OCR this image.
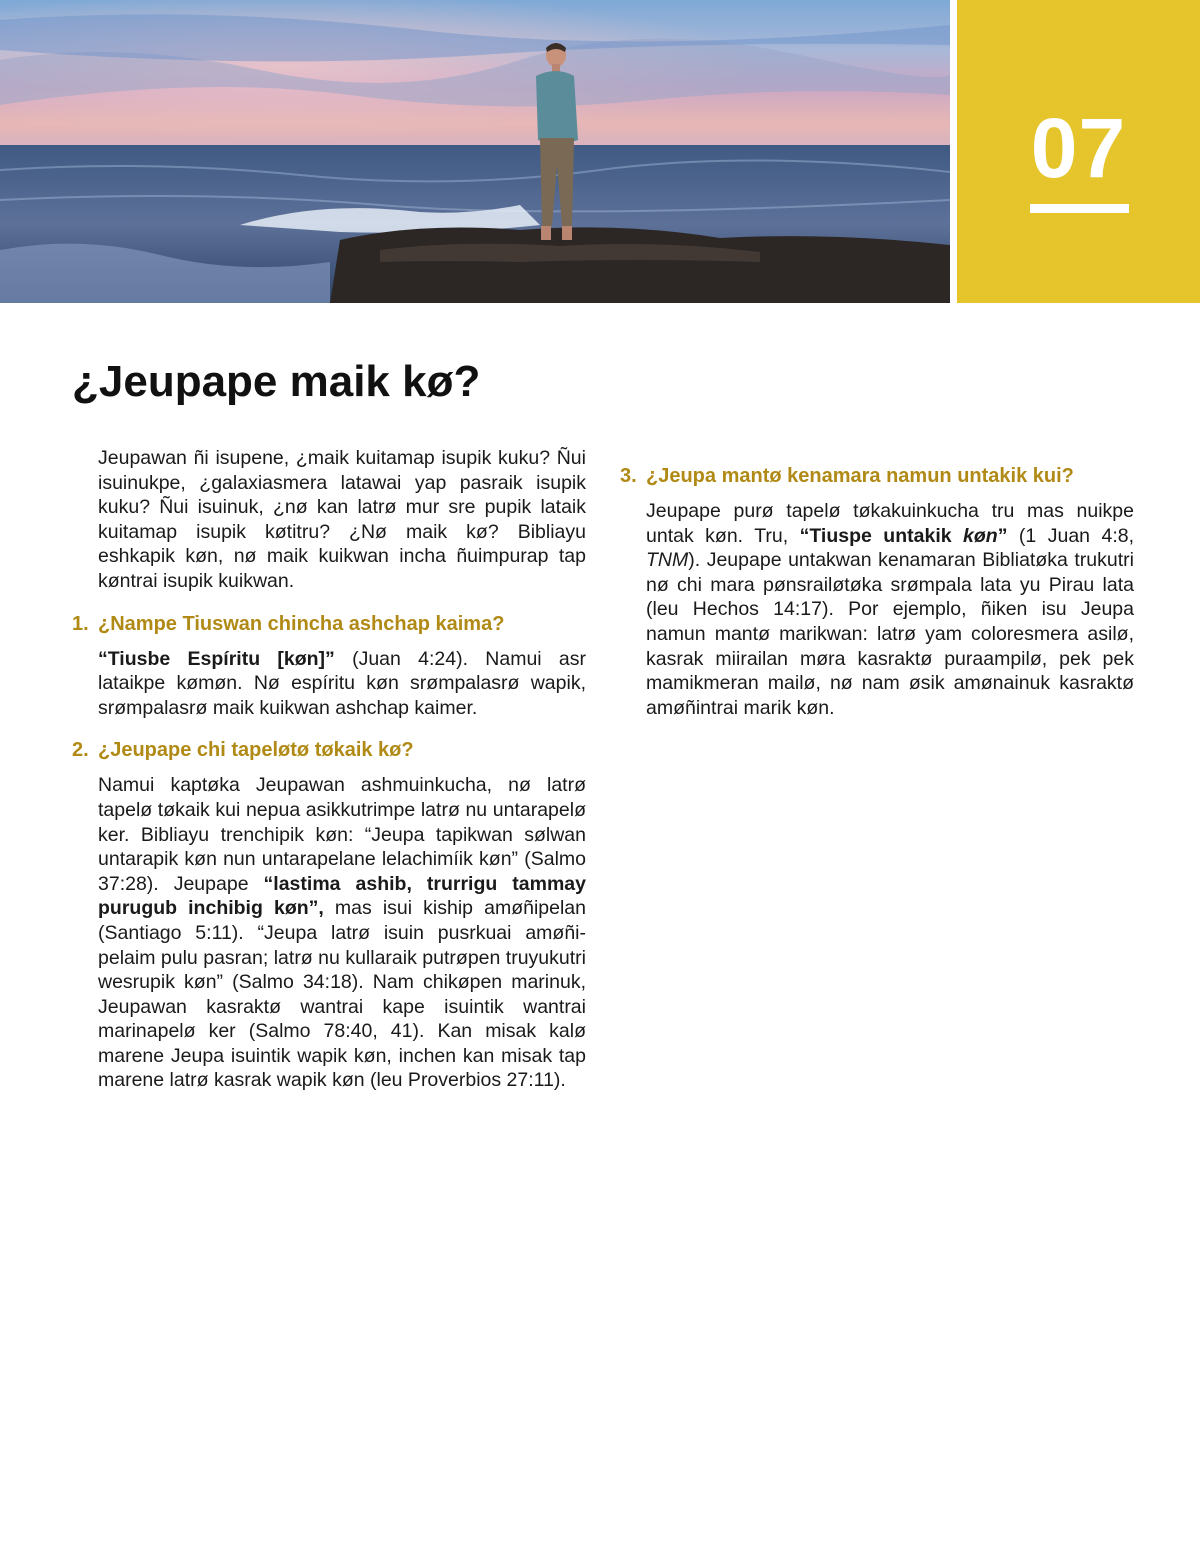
07
¿Jeupape maik kø?

Jeupawan ñi isupene, ¿maik kuitamap isupik kuku? Ñui isuinukpe, ¿galaxiasmera latawai yap pasraik isupik kuku? Ñui isuinuk, ¿nø kan latrø mur sre pupik lataik kuitamap isupik køtitru? ¿Nø maik kø? Bibliayu eshkapik køn, nø maik kuikwan incha ñuimpurap tap køntrai isupik kuikwan.

1. ¿Nampe Tiuswan chincha ashchap kaima?

“Tiusbe Espíritu [køn]” (Juan 4:24). Namui asr lataikpe kømøn. Nø espíritu køn srømpalasrø wapik, srømpalasrø maik kuikwan ashchap kaimer.

2. ¿Jeupape chi tapeløtø tøkaik kø?

Namui kaptøka Jeupawan ashmuinkucha, nø latrø tapelø tøkaik kui nepua asikkutrimpe latrø nu untarapelø ker. Bibliayu trenchipik køn: “Jeupa tapikwan sølwan untarapik køn nun untarapelane lelachimíik køn” (Salmo 37:28). Jeupape “lastima ashib, trurrigu tammay purugub inchibig køn”, mas isui kiship amøñipelan (Santiago 5:11). “Jeupa latrø isuin pusrkuai amøñipelaim pulu pasran; latrø nu kullaraik putrøpen truyukutri wesrupik køn” (Salmo 34:18). Nam chikøpen marinuk, Jeupawan kasraktø wantrai kape isuintik wantrai marinapelø ker (Salmo 78:40, 41). Kan misak kalø marene Jeupa isuintik wapik køn, inchen kan misak tap marene latrø kasrak wapik køn (leu Proverbios 27:11).

3. ¿Jeupa mantø kenamara namun untakik kui?

Jeupape purø tapelø tøkakuinkucha tru mas nuikpe untak køn. Tru, “Tiuspe untakik køn” (1 Juan 4:8, TNM). Jeupape untakwan kenamaran Bibliatøka trukutri nø chi mara pønsrailøtøka srømpala lata yu Pirau lata (leu Hechos 14:17). Por ejemplo, ñiken isu Jeupa namun mantø marikwan: latrø yam coloresmera asilø, kasrak miirailan møra kasraktø puraampilø, pek pek mamikmeran mailø, nø nam øsik amønainuk kasraktø amøñintrai marik køn.
